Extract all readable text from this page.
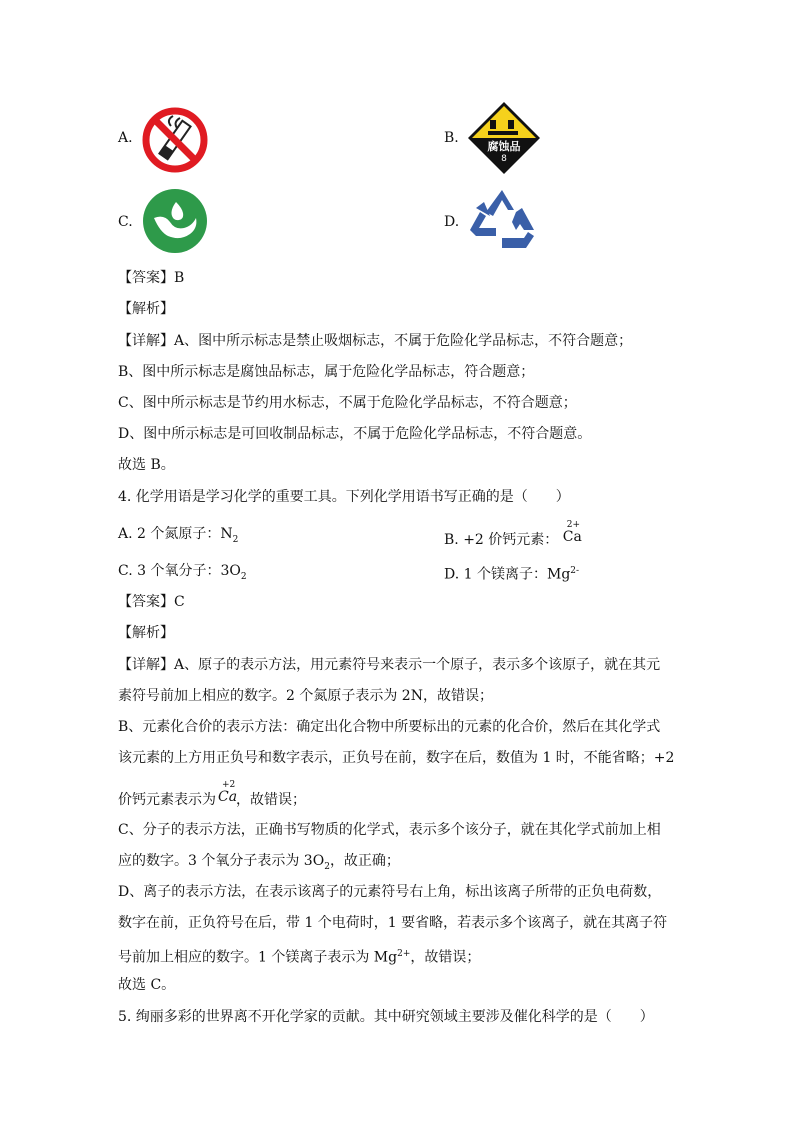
A.	B.
腐蚀品
8
C.	D.
【答案】B
【解析】
【详解】A、图中所示标志是禁止吸烟标志，不属于危险化学品标志，不符合题意；
B、图中所示标志是腐蚀品标志，属于危险化学品标志，符合题意；
C、图中所示标志是节约用水标志，不属于危险化学品标志，不符合题意；
D、图中所示标志是可回收制品标志，不属于危险化学品标志，不符合题意。
故选 B。
4. 化学用语是学习化学的重要工具。下列化学用语书写正确的是（　　）
A. 2 个氮原子：$N_2$	B. +2 价钙元素：
2+
Ca
C. 3 个氧分子：$3O_2$	D. 1 个镁离子：$Mg^{2-}$
【答案】C
【解析】
【详解】A、原子的表示方法，用元素符号来表示一个原子，表示多个该原子，就在其元
素符号前加上相应的数字。2 个氮原子表示为 2N，故错误；
B、元素化合价的表示方法：确定出化合物中所要标出的元素的化合价，然后在其化学式
该元素的上方用正负号和数字表示，正负号在前，数字在后，数值为 1 时，不能省略；+2
价钙元素表示为
+2
Ca
，故错误；
C、分子的表示方法，正确书写物质的化学式，表示多个该分子，就在其化学式前加上相
应的数字。3 个氧分子表示为 $3O_2$，故正确；
D、离子的表示方法，在表示该离子的元素符号右上角，标出该离子所带的正负电荷数，
数字在前，正负符号在后，带 1 个电荷时，1 要省略，若表示多个该离子，就在其离子符
号前加上相应的数字。1 个镁离子表示为 $Mg^{2+}$，故错误；
故选 C。
5. 绚丽多彩的世界离不开化学家的贡献。其中研究领域主要涉及催化科学的是（　　）
